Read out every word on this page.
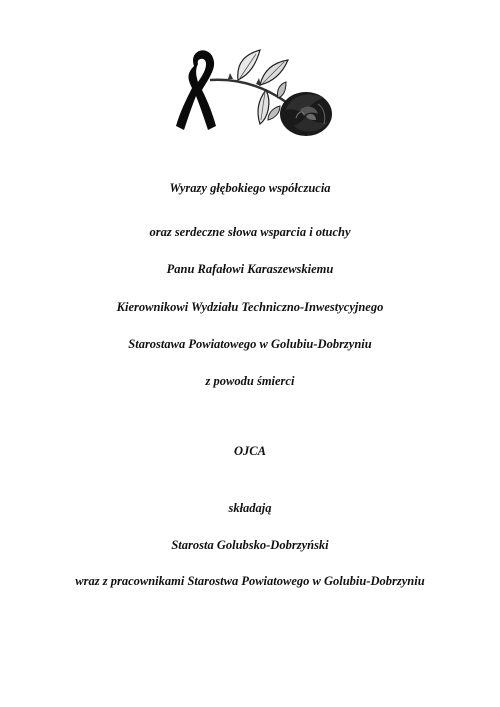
Wyrazy głębokiego współczucia
oraz serdeczne słowa wsparcia i otuchy
Panu Rafałowi Karaszewskiemu
Kierownikowi Wydziału Techniczno-Inwestycyjnego
Starostawa Powiatowego w Golubiu-Dobrzyniu
z powodu śmierci
OJCA
składają
Starosta Golubsko-Dobrzyński
wraz z pracownikami Starostwa Powiatowego w Golubiu-Dobrzyniu
